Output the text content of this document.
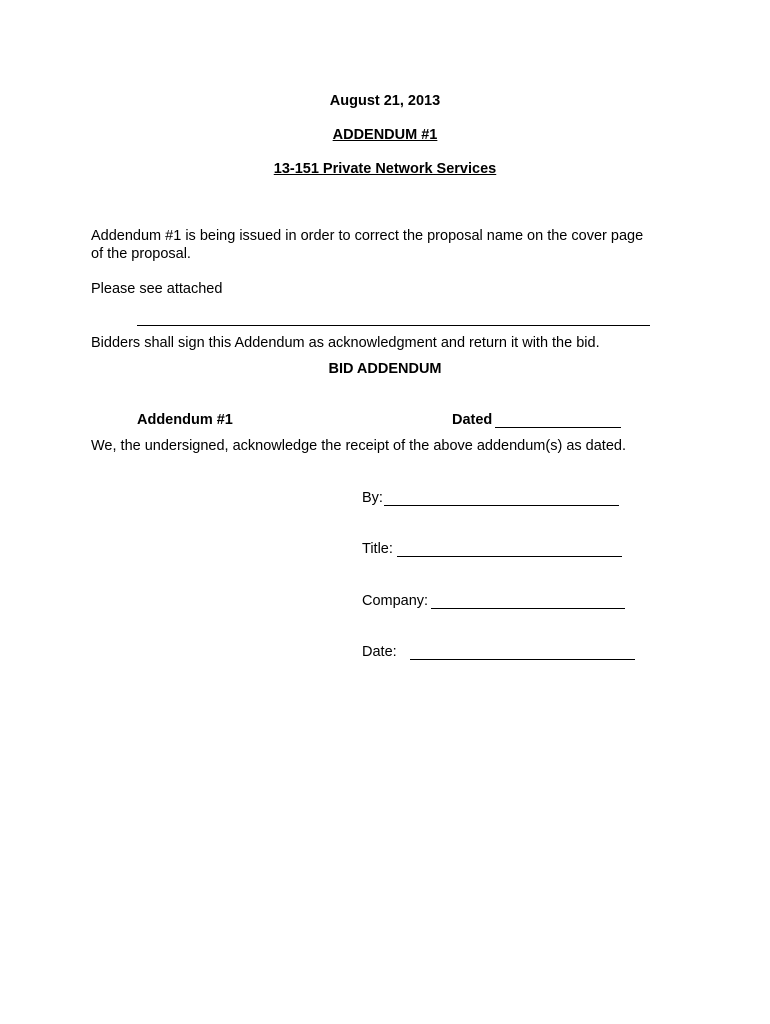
August 21, 2013
ADDENDUM #1
13-151 Private Network Services
Addendum #1 is being issued in order to correct the proposal name on the cover page
of the proposal.
Please see attached
Bidders shall sign this Addendum as acknowledgment and return it with the bid.
BID ADDENDUM
Addendum #1	Dated
We, the undersigned, acknowledge the receipt of the above addendum(s) as dated.
By:
Title:
Company:
Date:
